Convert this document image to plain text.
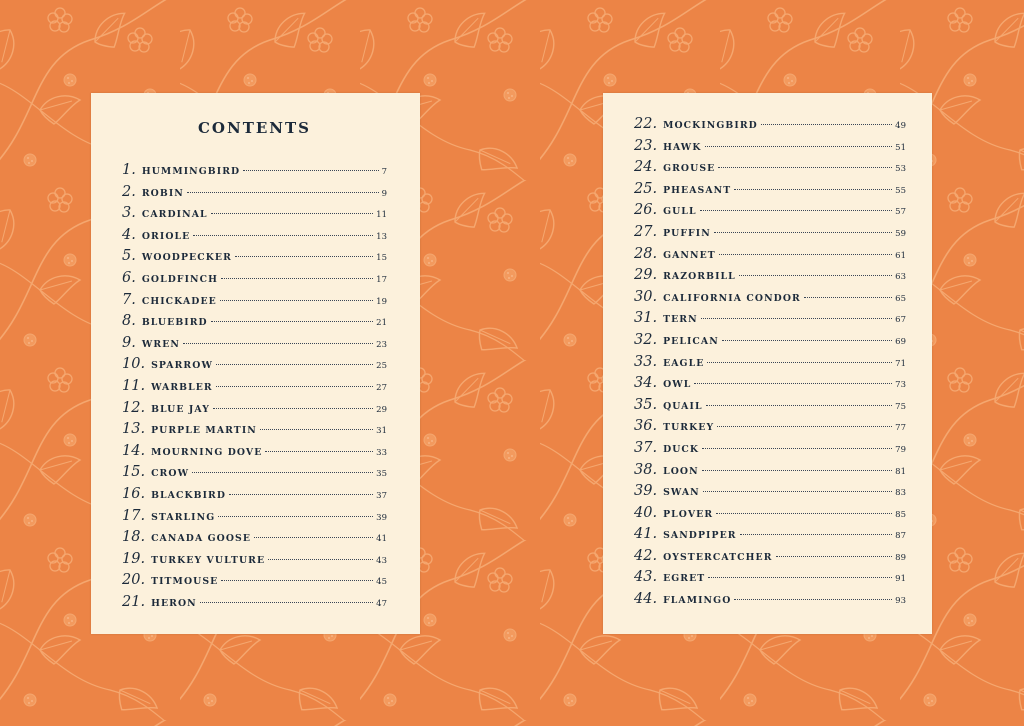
CONTENTS
1. HUMMINGBIRD	7
2. ROBIN	9
3. CARDINAL	11
4. ORIOLE	13
5. WOODPECKER	15
6. GOLDFINCH	17
7. CHICKADEE	19
8. BLUEBIRD	21
9. WREN	23
10. SPARROW	25
11. WARBLER	27
12. BLUE JAY	29
13. PURPLE MARTIN	31
14. MOURNING DOVE	33
15. CROW	35
16. BLACKBIRD	37
17. STARLING	39
18. CANADA GOOSE	41
19. TURKEY VULTURE	43
20. TITMOUSE	45
21. HERON	47
22. MOCKINGBIRD	49
23. HAWK	51
24. GROUSE	53
25. PHEASANT	55
26. GULL	57
27. PUFFIN	59
28. GANNET	61
29. RAZORBILL	63
30. CALIFORNIA CONDOR	65
31. TERN	67
32. PELICAN	69
33. EAGLE	71
34. OWL	73
35. QUAIL	75
36. TURKEY	77
37. DUCK	79
38. LOON	81
39. SWAN	83
40. PLOVER	85
41. SANDPIPER	87
42. OYSTERCATCHER	89
43. EGRET	91
44. FLAMINGO	93
